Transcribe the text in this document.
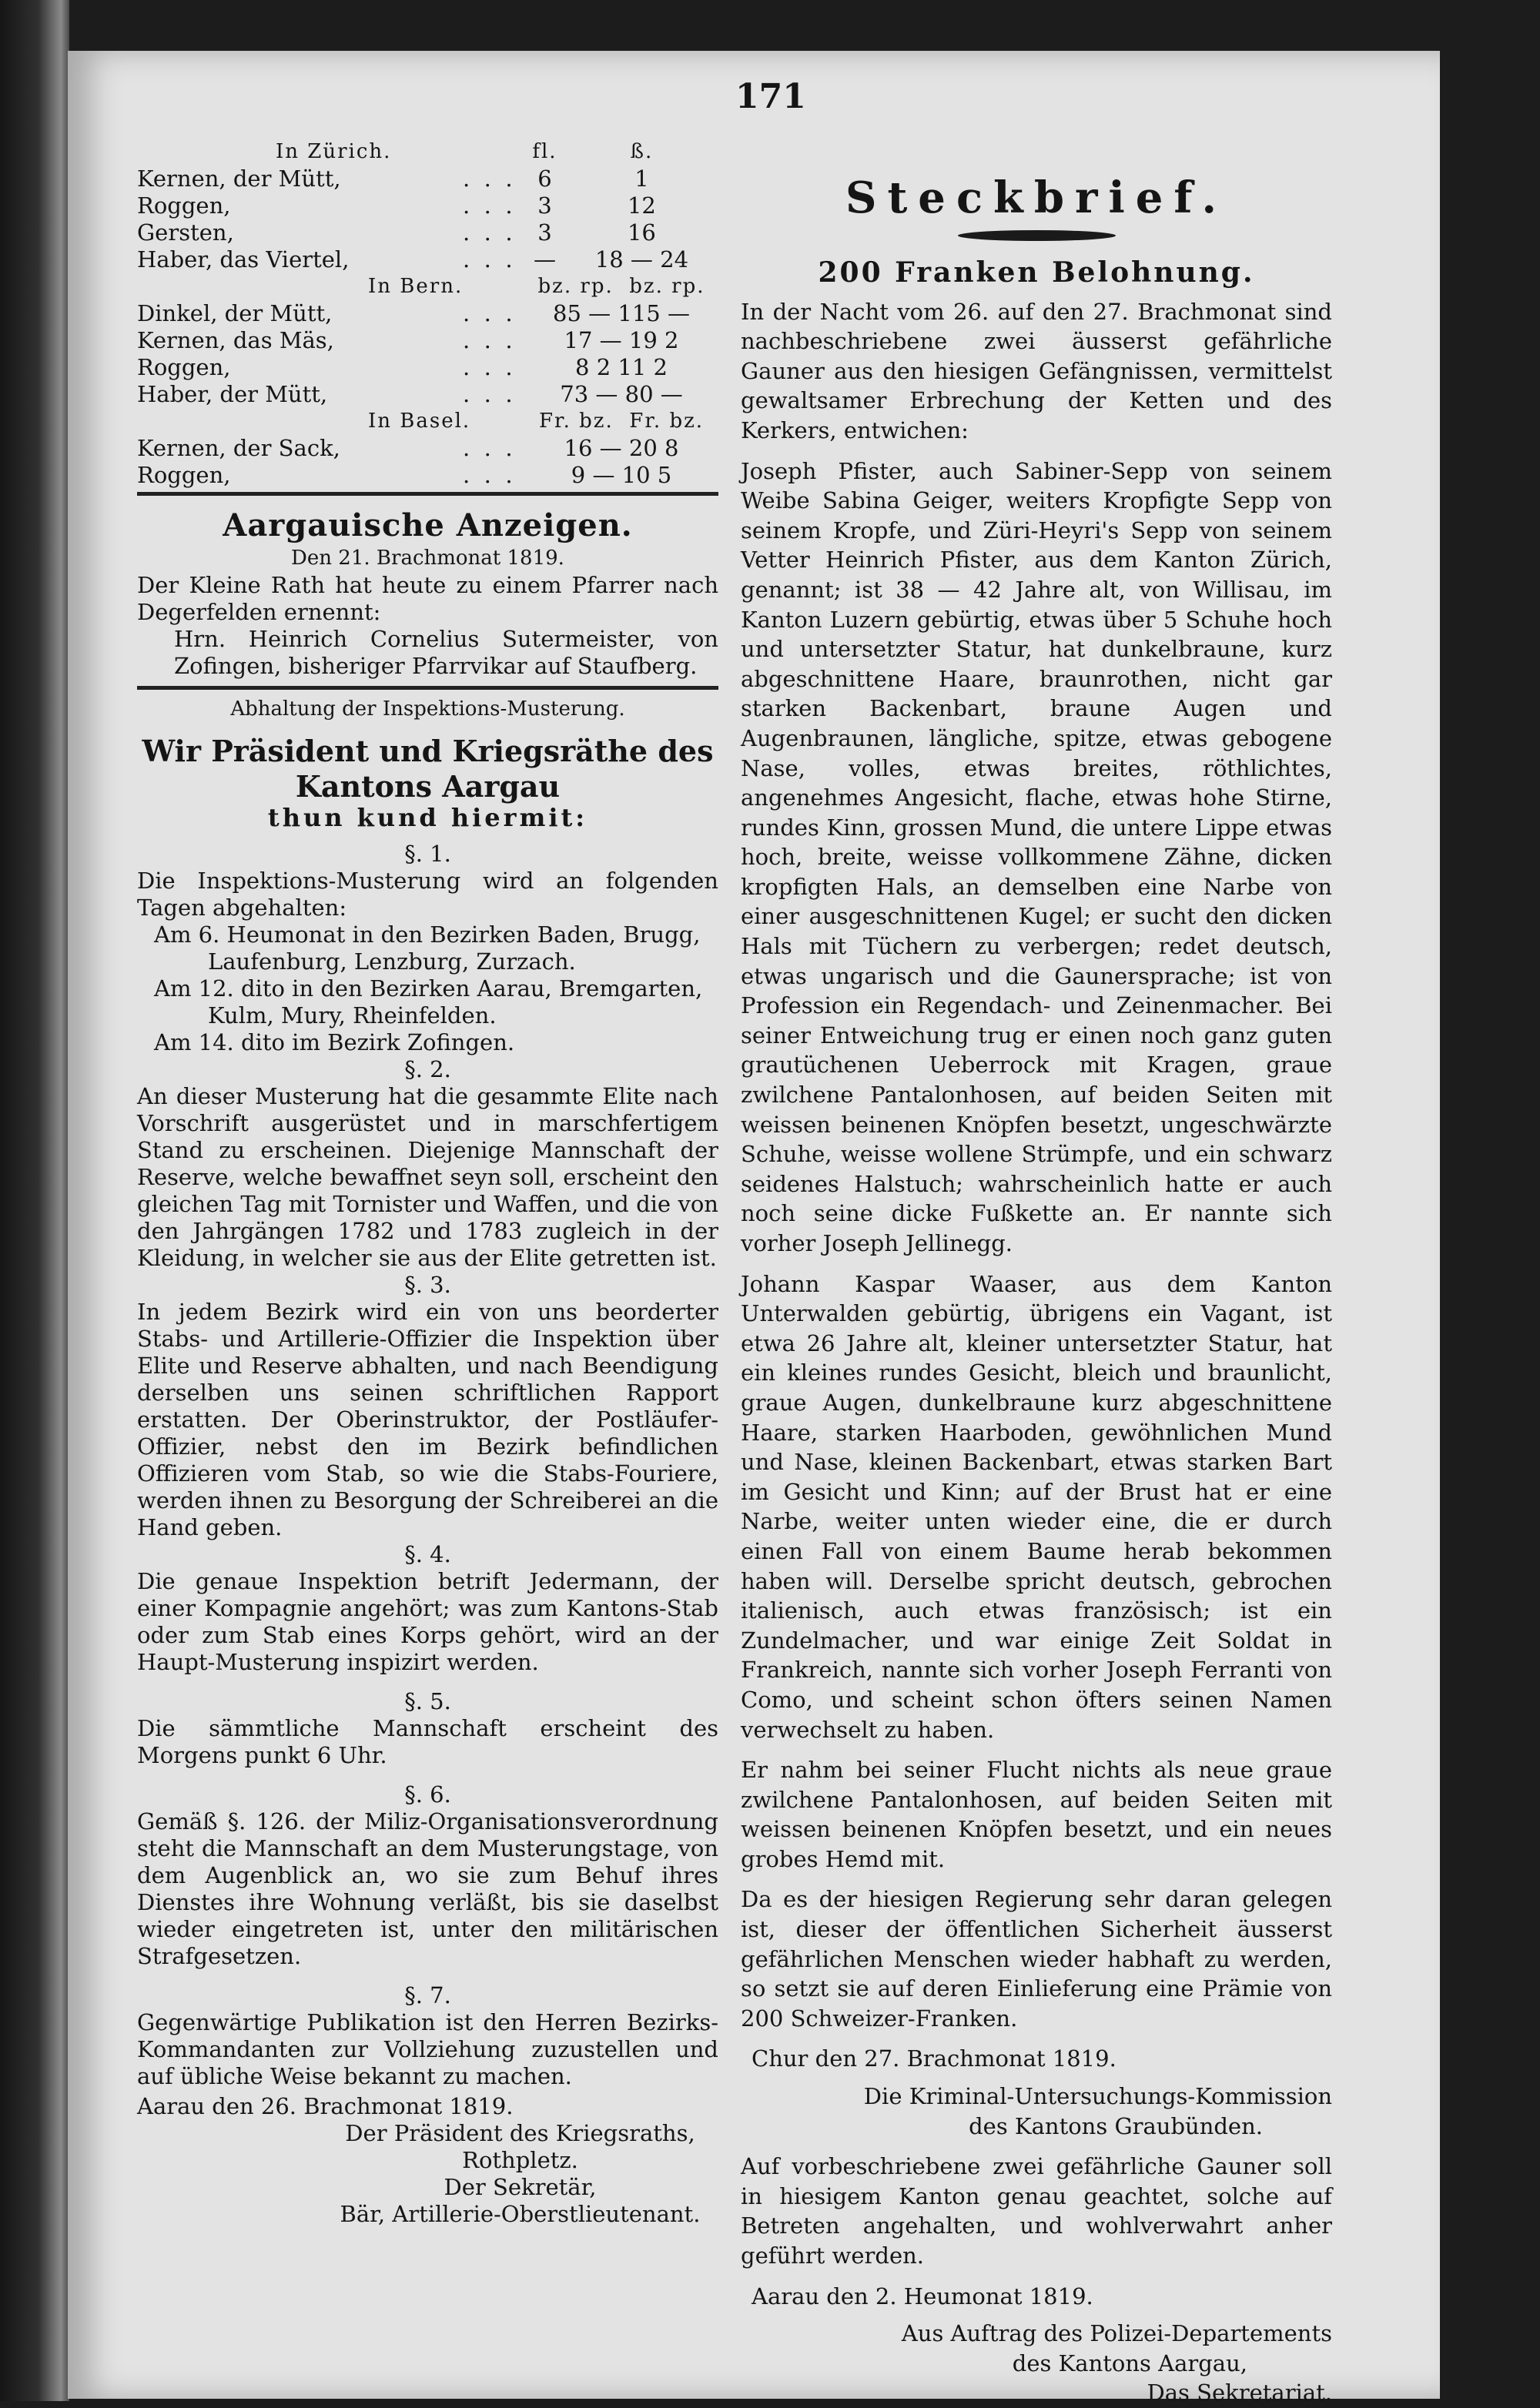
171
In Zürich.		fl.	ß.
Kernen, der Mütt,	.  .  .	6	1
Roggen,	.  .  .	3	12
Gersten,	.  .  .	3	16
Haber, das Viertel,	.  .  .	—	18 — 24
In Bern.		bz. rp. bz. rp.	
Dinkel, der Mütt,	.  .  .	85 — 115 —	
Kernen, das Mäs,	.  .  .	17 — 19 2	
Roggen,	.  .  .	8 2 11 2	
Haber, der Mütt,	.  .  .	73 — 80 —	
In Basel.		Fr. bz. Fr. bz.	
Kernen, der Sack,	.  .  .	16 — 20 8	
Roggen,	.  .  .	9 — 10 5	
Aargauische Anzeigen.
Den 21. Brachmonat 1819.

Der Kleine Rath hat heute zu einem Pfarrer nach Degerfelden ernennt:

Hrn. Heinrich Cornelius Sutermeister, von Zofingen, bisheriger Pfarrvikar auf Staufberg.

Abhaltung der Inspektions-Musterung.
Wir Präsident und Kriegsräthe des Kantons Aargau
thun kund hiermit:

§. 1.

Die Inspektions-Musterung wird an folgenden Tagen abgehalten:

Am 6. Heumonat in den Bezirken Baden, Brugg, Laufenburg, Lenzburg, Zurzach.

Am 12. dito in den Bezirken Aarau, Bremgarten, Kulm, Mury, Rheinfelden.

Am 14. dito im Bezirk Zofingen.

§. 2.

An dieser Musterung hat die gesammte Elite nach Vorschrift ausgerüstet und in marschfertigem Stand zu erscheinen. Diejenige Mannschaft der Reserve, welche bewaffnet seyn soll, erscheint den gleichen Tag mit Tornister und Waffen, und die von den Jahrgängen 1782 und 1783 zugleich in der Kleidung, in welcher sie aus der Elite getretten ist.

§. 3.

In jedem Bezirk wird ein von uns beorderter Stabs- und Artillerie-Offizier die Inspektion über Elite und Reserve abhalten, und nach Beendigung derselben uns seinen schriftlichen Rapport erstatten. Der Oberinstruktor, der Postläufer-Offizier, nebst den im Bezirk befindlichen Offizieren vom Stab, so wie die Stabs-Fouriere, werden ihnen zu Besorgung der Schreiberei an die Hand geben.

§. 4.

Die genaue Inspektion betrift Jedermann, der einer Kompagnie angehört; was zum Kantons-Stab oder zum Stab eines Korps gehört, wird an der Haupt-Musterung inspizirt werden.

§. 5.

Die sämmtliche Mannschaft erscheint des Morgens punkt 6 Uhr.

§. 6.

Gemäß §. 126. der Miliz-Organisationsverordnung steht die Mannschaft an dem Musterungstage, von dem Augenblick an, wo sie zum Behuf ihres Dienstes ihre Wohnung verläßt, bis sie daselbst wieder eingetreten ist, unter den militärischen Strafgesetzen.

§. 7.

Gegenwärtige Publikation ist den Herren Bezirks-Kommandanten zur Vollziehung zuzustellen und auf übliche Weise bekannt zu machen.

Aarau den 26. Brachmonat 1819.

Der Präsident des Kriegsraths,

Rothpletz.

Der Sekretär,

Bär, Artillerie-Oberstlieutenant.

Steckbrief.
200 Franken Belohnung.

In der Nacht vom 26. auf den 27. Brachmonat sind nachbeschriebene zwei äusserst gefährliche Gauner aus den hiesigen Gefängnissen, vermittelst gewaltsamer Erbrechung der Ketten und des Kerkers, entwichen:

Joseph Pfister, auch Sabiner-Sepp von seinem Weibe Sabina Geiger, weiters Kropfigte Sepp von seinem Kropfe, und Züri-Heyri's Sepp von seinem Vetter Heinrich Pfister, aus dem Kanton Zürich, genannt; ist 38 — 42 Jahre alt, von Willisau, im Kanton Luzern gebürtig, etwas über 5 Schuhe hoch und untersetzter Statur, hat dunkelbraune, kurz abgeschnittene Haare, braunrothen, nicht gar starken Backenbart, braune Augen und Augenbraunen, längliche, spitze, etwas gebogene Nase, volles, etwas breites, röthlichtes, angenehmes Angesicht, flache, etwas hohe Stirne, rundes Kinn, grossen Mund, die untere Lippe etwas hoch, breite, weisse vollkommene Zähne, dicken kropfigten Hals, an demselben eine Narbe von einer ausgeschnittenen Kugel; er sucht den dicken Hals mit Tüchern zu verbergen; redet deutsch, etwas ungarisch und die Gaunersprache; ist von Profession ein Regendach- und Zeinenmacher. Bei seiner Entweichung trug er einen noch ganz guten grautüchenen Ueberrock mit Kragen, graue zwilchene Pantalonhosen, auf beiden Seiten mit weissen beinenen Knöpfen besetzt, ungeschwärzte Schuhe, weisse wollene Strümpfe, und ein schwarz seidenes Halstuch; wahrscheinlich hatte er auch noch seine dicke Fußkette an. Er nannte sich vorher Joseph Jellinegg.

Johann Kaspar Waaser, aus dem Kanton Unterwalden gebürtig, übrigens ein Vagant, ist etwa 26 Jahre alt, kleiner untersetzter Statur, hat ein kleines rundes Gesicht, bleich und braunlicht, graue Augen, dunkelbraune kurz abgeschnittene Haare, starken Haarboden, gewöhnlichen Mund und Nase, kleinen Backenbart, etwas starken Bart im Gesicht und Kinn; auf der Brust hat er eine Narbe, weiter unten wieder eine, die er durch einen Fall von einem Baume herab bekommen haben will. Derselbe spricht deutsch, gebrochen italienisch, auch etwas französisch; ist ein Zundelmacher, und war einige Zeit Soldat in Frankreich, nannte sich vorher Joseph Ferranti von Como, und scheint schon öfters seinen Namen verwechselt zu haben.

Er nahm bei seiner Flucht nichts als neue graue zwilchene Pantalonhosen, auf beiden Seiten mit weissen beinenen Knöpfen besetzt, und ein neues grobes Hemd mit.

Da es der hiesigen Regierung sehr daran gelegen ist, dieser der öffentlichen Sicherheit äusserst gefährlichen Menschen wieder habhaft zu werden, so setzt sie auf deren Einlieferung eine Prämie von 200 Schweizer-Franken.

Chur den 27. Brachmonat 1819.

Die Kriminal-Untersuchungs-Kommission

des Kantons Graubünden.

Auf vorbeschriebene zwei gefährliche Gauner soll in hiesigem Kanton genau geachtet, solche auf Betreten angehalten, und wohlverwahrt anher geführt werden.

Aarau den 2. Heumonat 1819.

Aus Auftrag des Polizei-Departements

des Kantons Aargau,

Das Sekretariat.
